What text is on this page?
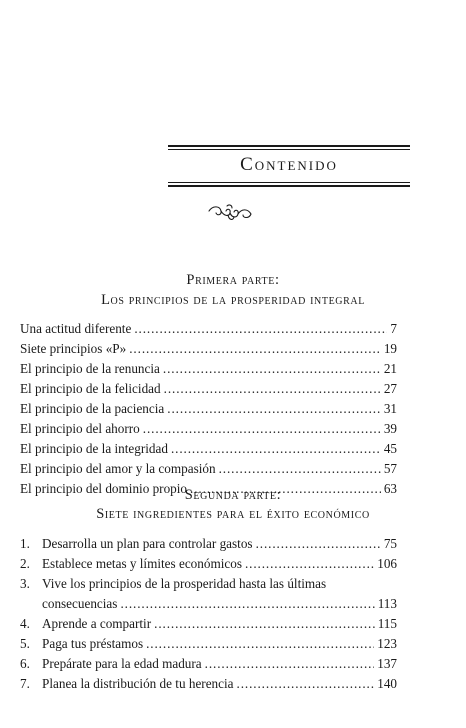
Contenido
Primera parte:
Los principios de la prosperidad integral
Una actitud diferente . . .	7
Siete principios «P» . . .	19
El principio de la renuncia . . .	21
El principio de la felicidad . . .	27
El principio de la paciencia . . .	31
El principio del ahorro . . .	39
El principio de la integridad . . .	45
El principio del amor y la compasión . . .	57
El principio del dominio propio . . .	63
Segunda parte:
Siete ingredientes para el éxito económico
1. Desarrolla un plan para controlar gastos . . .	75
2. Establece metas y límites económicos . . .	106
3. Vive los principios de la prosperidad hasta las últimas
consecuencias . . .	113
4. Aprende a compartir . . .	115
5. Paga tus préstamos . . .	123
6. Prepárate para la edad madura . . .	137
7. Planea la distribución de tu herencia . . .	140
